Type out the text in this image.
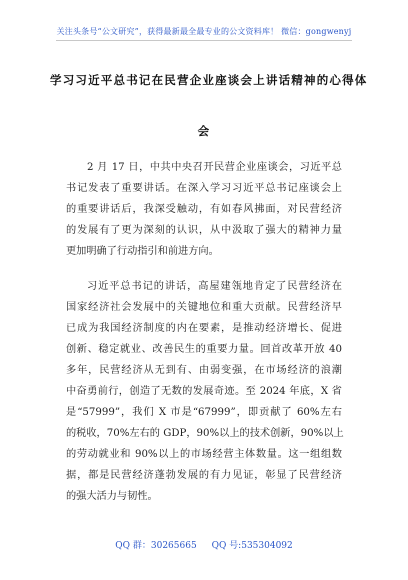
关注头条号“公文研究”，获得最新最全最专业的公文资料库！ 微信：gongwenyj
学习习近平总书记在民营企业座谈会上讲话精神的心得体
会
2 月 17 日，中共中央召开民营企业座谈会，习近平总
书记发表了重要讲话。在深入学习习近平总书记座谈会上
的重要讲话后，我深受触动，有如春风拂面，对民营经济
的发展有了更为深刻的认识，从中汲取了强大的精神力量
更加明确了行动指引和前进方向。
习近平总书记的讲话，高屋建瓴地肯定了民营经济在
国家经济社会发展中的关键地位和重大贡献。民营经济早
已成为我国经济制度的内在要素，是推动经济增长、促进
创新、稳定就业、改善民生的重要力量。回首改革开放 40
多年，民营经济从无到有、由弱变强，在市场经济的浪潮
中奋勇前行，创造了无数的发展奇迹。至 2024 年底，X 省
是“57999”，我们 X 市是“67999”，即贡献了 60%左右
的税收，70%左右的 GDP，90%以上的技术创新，90%以上
的劳动就业和 90%以上的市场经营主体数量。这一组组数
据，都是民营经济蓬勃发展的有力见证，彰显了民营经济
的强大活力与韧性。
QQ 群：30265665 QQ 号:535304092
